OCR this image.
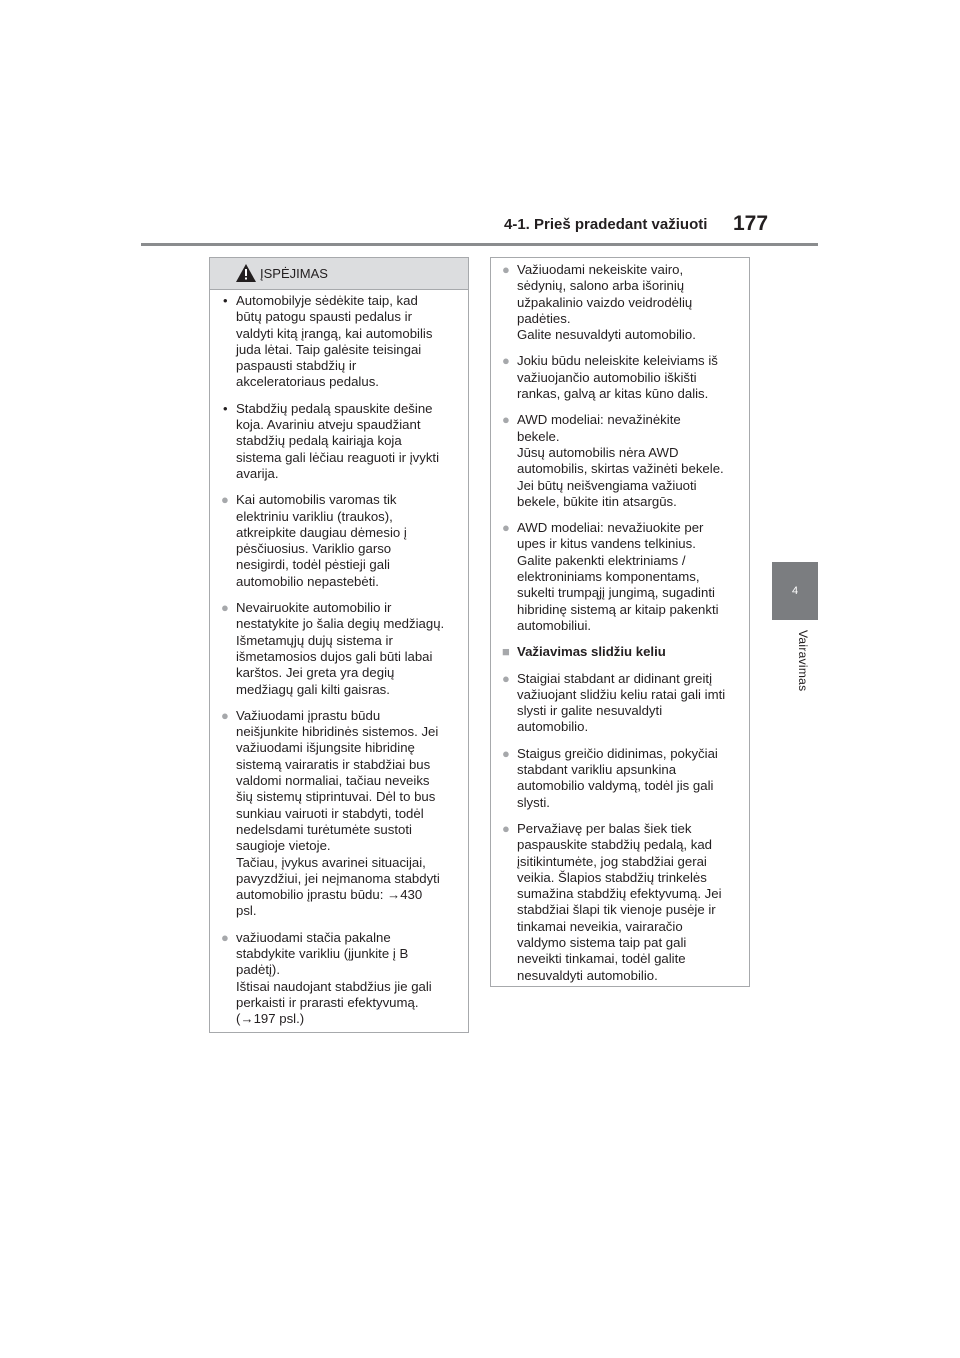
4-1. Prieš pradedant važiuoti 177
4
Vairavimas
ĮSPĖJIMAS
• Automobilyje sėdėkite taip, kad
būtų patogu spausti pedalus ir
valdyti kitą įrangą, kai automobilis
juda lėtai. Taip galėsite teisingai
paspausti stabdžių ir
akceleratoriaus pedalus.
• Stabdžių pedalą spauskite dešine
koja. Avariniu atveju spaudžiant
stabdžių pedalą kairiąja koja
sistema gali lėčiau reaguoti ir įvykti
avarija.
● Kai automobilis varomas tik
elektriniu varikliu (traukos),
atkreipkite daugiau dėmesio į
pėsčiuosius. Variklio garso
nesigirdi, todėl pėstieji gali
automobilio nepastebėti.
● Nevairuokite automobilio ir
nestatykite jo šalia degių medžiagų.
Išmetamųjų dujų sistema ir
išmetamosios dujos gali būti labai
karštos. Jei greta yra degių
medžiagų gali kilti gaisras.
● Važiuodami įprastu būdu
neišjunkite hibridinės sistemos. Jei
važiuodami išjungsite hibridinę
sistemą vairaratis ir stabdžiai bus
valdomi normaliai, tačiau neveiks
šių sistemų stiprintuvai. Dėl to bus
sunkiau vairuoti ir stabdyti, todėl
nedelsdami turėtumėte sustoti
saugioje vietoje.
Tačiau, įvykus avarinei situacijai,
pavyzdžiui, jei neįmanoma stabdyti
automobilio įprastu būdu: →430
psl.
● važiuodami stačia pakalne
stabdykite varikliu (įjunkite į B
padėtį).
Ištisai naudojant stabdžius jie gali
perkaisti ir prarasti efektyvumą.
(→197 psl.)
● Važiuodami nekeiskite vairo,
sėdynių, salono arba išorinių
užpakalinio vaizdo veidrodėlių
padėties.
Galite nesuvaldyti automobilio.
● Jokiu būdu neleiskite keleiviams iš
važiuojančio automobilio iškišti
rankas, galvą ar kitas kūno dalis.
● AWD modeliai: nevažinėkite
bekele.
Jūsų automobilis nėra AWD
automobilis, skirtas važinėti bekele.
Jei būtų neišvengiama važiuoti
bekele, būkite itin atsargūs.
● AWD modeliai: nevažiuokite per
upes ir kitus vandens telkinius.
Galite pakenkti elektriniams /
elektroniniams komponentams,
sukelti trumpąjį jungimą, sugadinti
hibridinę sistemą ar kitaip pakenkti
automobiliui.
■ Važiavimas slidžiu keliu
● Staigiai stabdant ar didinant greitį
važiuojant slidžiu keliu ratai gali imti
slysti ir galite nesuvaldyti
automobilio.
● Staigus greičio didinimas, pokyčiai
stabdant varikliu apsunkina
automobilio valdymą, todėl jis gali
slysti.
● Pervažiavę per balas šiek tiek
paspauskite stabdžių pedalą, kad
įsitikintumėte, jog stabdžiai gerai
veikia. Šlapios stabdžių trinkelės
sumažina stabdžių efektyvumą. Jei
stabdžiai šlapi tik vienoje pusėje ir
tinkamai neveikia, vairaračio
valdymo sistema taip pat gali
neveikti tinkamai, todėl galite
nesuvaldyti automobilio.
